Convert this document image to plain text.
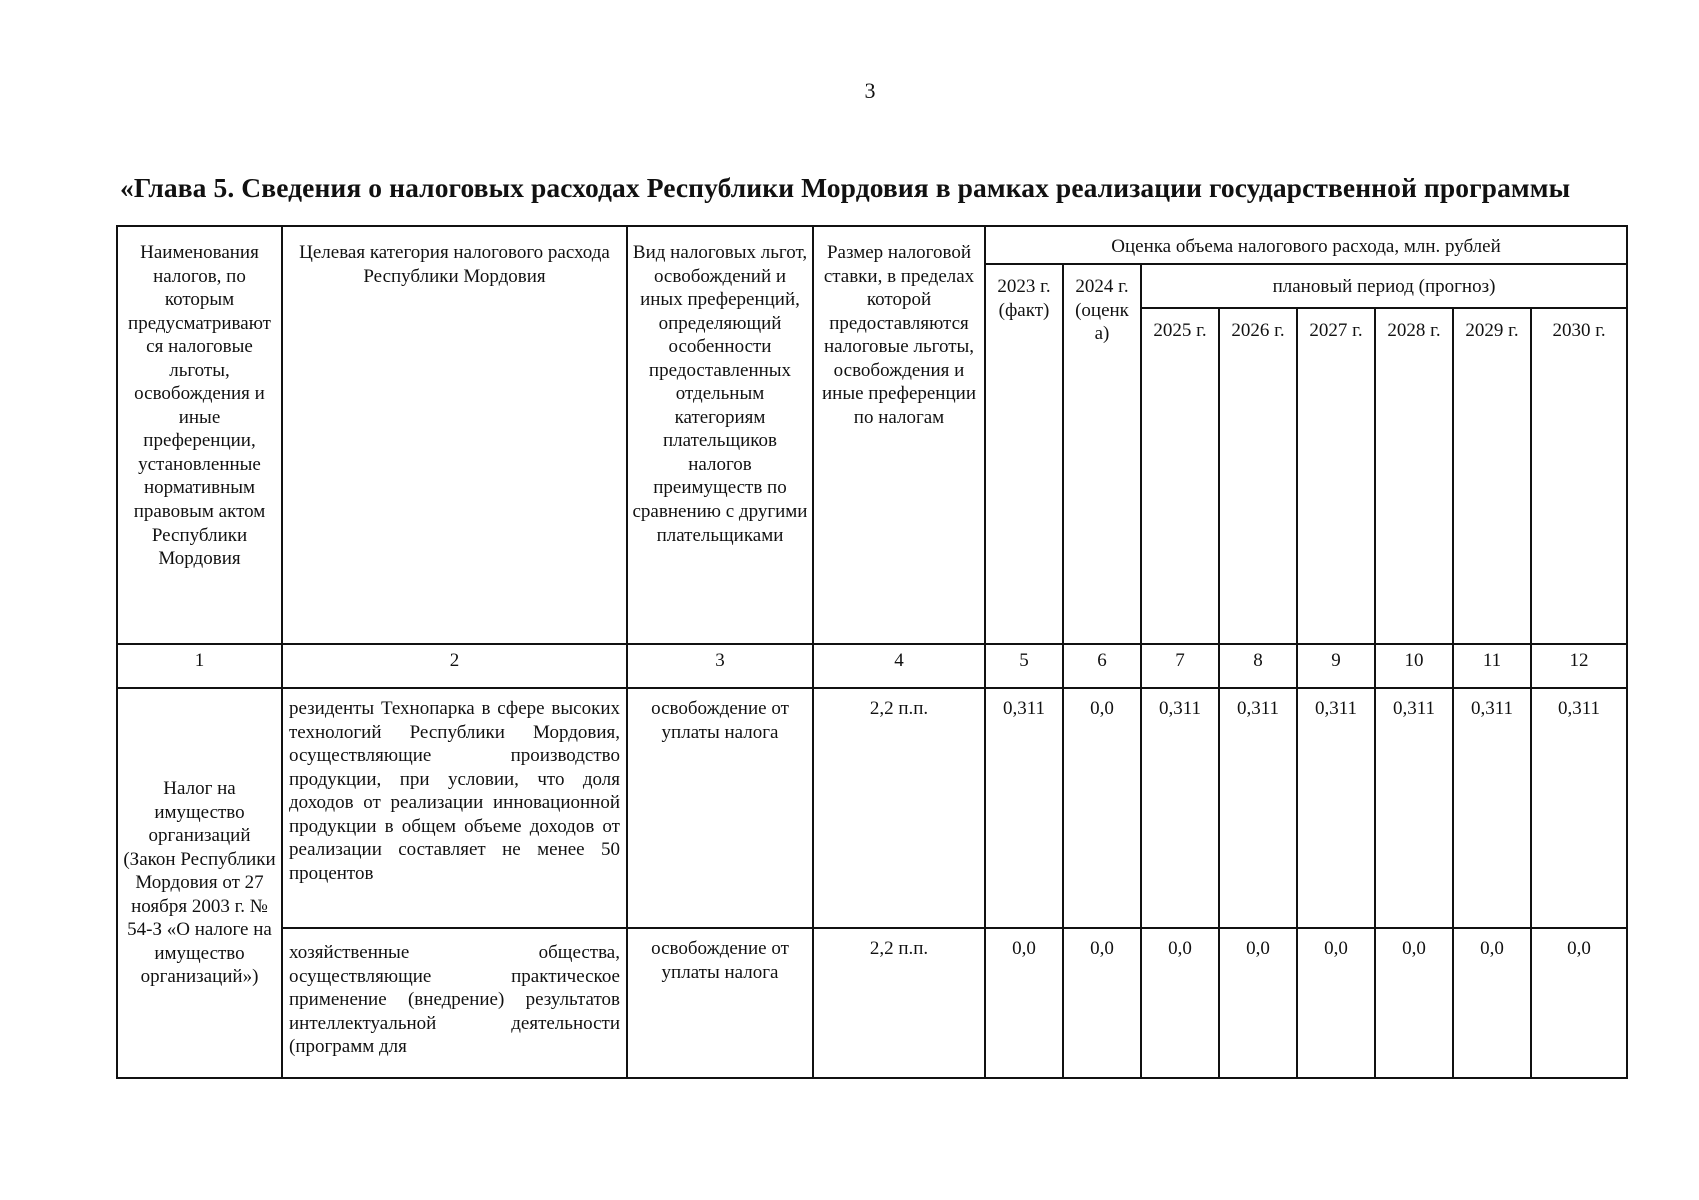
3
«Глава 5. Сведения о налоговых расходах Республики Мордовия в рамках реализации государственной программы
Наименования налогов, по которым предусматривают ся налоговые льготы, освобождения и иные преференции, установленные нормативным правовым актом Республики Мордовия	Целевая категория налогового расхода Республики Мордовия	Вид налоговых льгот, освобождений и иных преференций, определяющий особенности предоставленных отдельным категориям плательщиков налогов преимуществ по сравнению с другими плательщиками	Размер налоговой ставки, в пределах которой предоставляются налоговые льготы, освобождения и иные преференции по налогам	Оценка объема налогового расхода, млн. рублей							
				2023 г. (факт)	2024 г. (оценк а)	плановый период (прогноз)					
						2025 г.	2026 г.	2027 г.	2028 г.	2029 г.	2030 г.
1	2	3	4	5	6	7	8	9	10	11	12
Налог на имущество организаций (Закон Республики Мордовия от 27 ноября 2003 г. № 54-З «О налоге на имущество организаций»)	резиденты Технопарка в сфере высоких технологий Республики Мордовия, осуществляющие производство продукции, при условии, что доля доходов от реализации инновационной продукции в общем объеме доходов от реализации составляет не менее 50 процентов	освобождение от уплаты налога	2,2 п.п.	0,311	0,0	0,311	0,311	0,311	0,311	0,311	0,311
	хозяйственные общества, осуществляющие практическое применение (внедрение) результатов интеллектуальной деятельности (программ для	освобождение от уплаты налога	2,2 п.п.	0,0	0,0	0,0	0,0	0,0	0,0	0,0	0,0
